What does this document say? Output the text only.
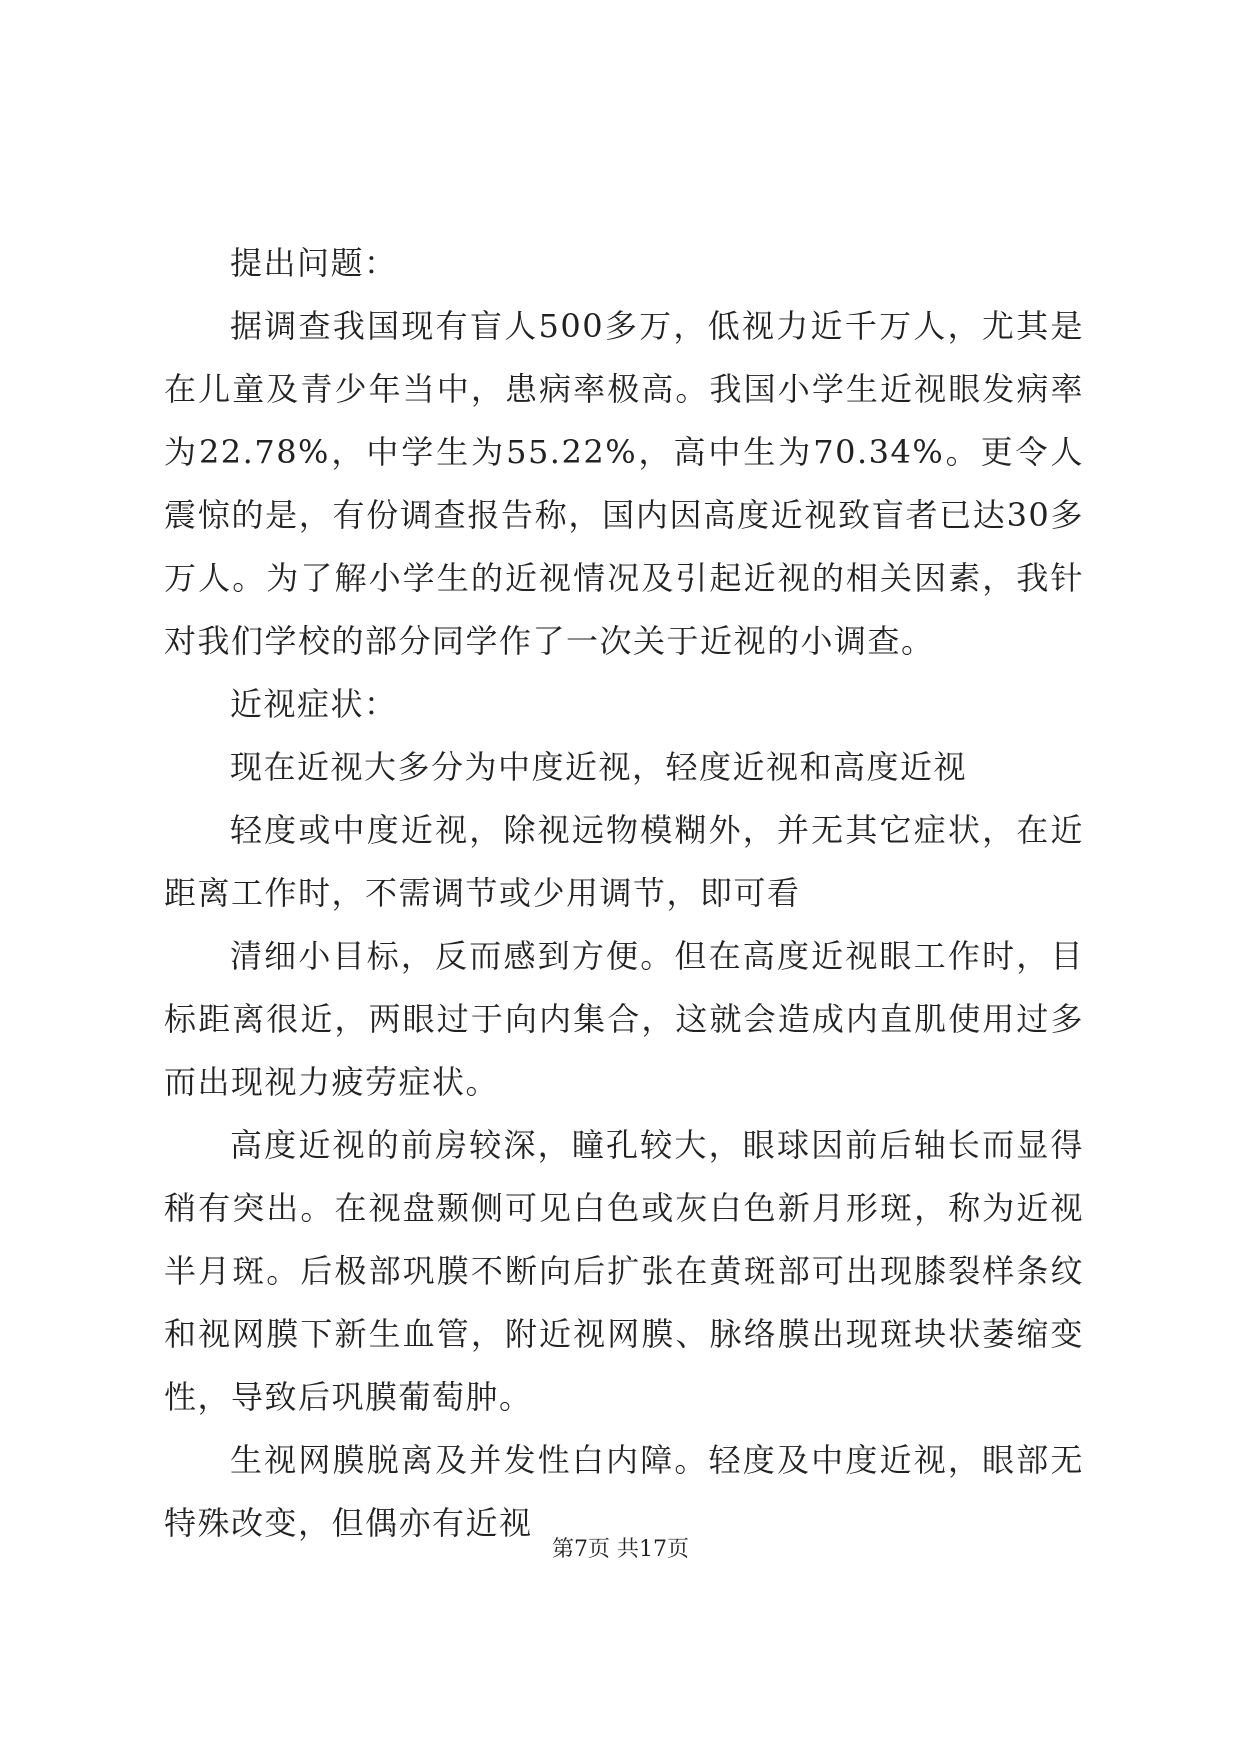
提出问题：

据调查我国现有盲人500多万，低视力近千万人，尤其是在儿童及青少年当中，患病率极高。我国小学生近视眼发病率为22.78%，中学生为55.22%，高中生为70.34%。更令人震惊的是，有份调查报告称，国内因高度近视致盲者已达30多万人。为了解小学生的近视情况及引起近视的相关因素，我针对我们学校的部分同学作了一次关于近视的小调查。

近视症状：

现在近视大多分为中度近视，轻度近视和高度近视

轻度或中度近视，除视远物模糊外，并无其它症状，在近距离工作时，不需调节或少用调节，即可看

清细小目标，反而感到方便。但在高度近视眼工作时，目标距离很近，两眼过于向内集合，这就会造成内直肌使用过多而出现视力疲劳症状。

高度近视的前房较深，瞳孔较大，眼球因前后轴长而显得稍有突出。在视盘颞侧可见白色或灰白色新月形斑，称为近视半月斑。后极部巩膜不断向后扩张在黄斑部可出现膝裂样条纹和视网膜下新生血管，附近视网膜、脉络膜出现斑块状萎缩变性，导致后巩膜葡萄肿。

生视网膜脱离及并发性白内障。轻度及中度近视，眼部无特殊改变，但偶亦有近视

第7页 共17页
